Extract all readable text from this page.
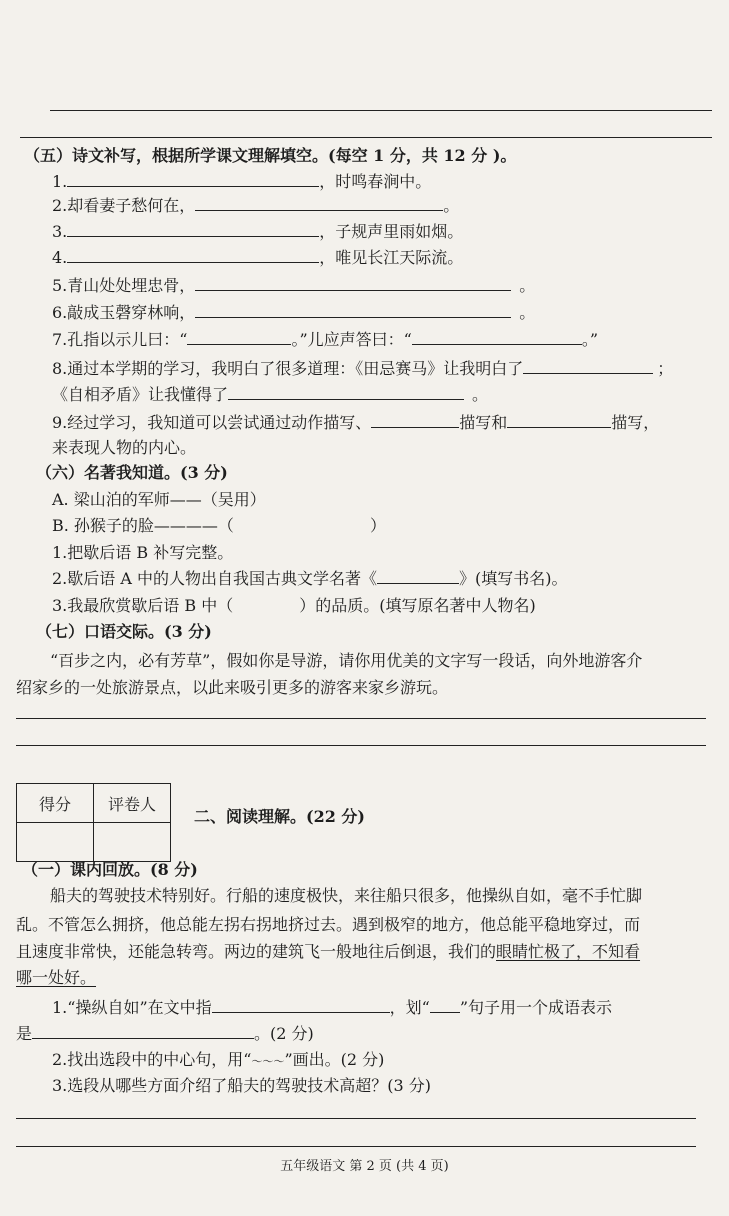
（五）诗文补写，根据所学课文理解填空。(每空 1 分，共 12 分 )。
1.	，时鸣春涧中。
2.却看妻子愁何在，	。
3.	，子规声里雨如烟。
4.	，唯见长江天际流。
5.青山处处埋忠骨，	。
6.敲成玉磬穿林响，	。
7.孔指以示儿曰：“	。”儿应声答曰：“	。”
8.通过本学期的学习，我明白了很多道理：《田忌赛马》让我明白了	；
《自相矛盾》让我懂得了	。
9.经过学习，我知道可以尝试通过动作描写、	描写和	描写，
来表现人物的内心。
（六）名著我知道。(3 分)
A. 梁山泊的军师——（吴用）
B. 孙猴子的脸————（	）
1.把歇后语 B 补写完整。
2.歇后语 A 中的人物出自我国古典文学名著《	》(填写书名)。
3.我最欣赏歇后语 B 中（	）的品质。(填写原名著中人物名)
（七）口语交际。(3 分)
“百步之内，必有芳草”，假如你是导游，请你用优美的文字写一段话，向外地游客介
绍家乡的一处旅游景点，以此来吸引更多的游客来家乡游玩。
得分	评卷人

二、阅读理解。(22 分)
（一）课内回放。(8 分)
船夫的驾驶技术特别好。行船的速度极快，来往船只很多，他操纵自如，毫不手忙脚
乱。不管怎么拥挤，他总能左拐右拐地挤过去。遇到极窄的地方，他总能平稳地穿过，而
且速度非常快，还能急转弯。两边的建筑飞一般地往后倒退，我们的眼睛忙极了，不知看
哪一处好。
1.“操纵自如”在文中指	，划“ ”句子用一个成语表示
是	。(2 分)
2.找出选段中的中心句，用“～～～”画出。(2 分)
3.选段从哪些方面介绍了船夫的驾驶技术高超？(3 分)
五年级语文 第 2 页 (共 4 页)
